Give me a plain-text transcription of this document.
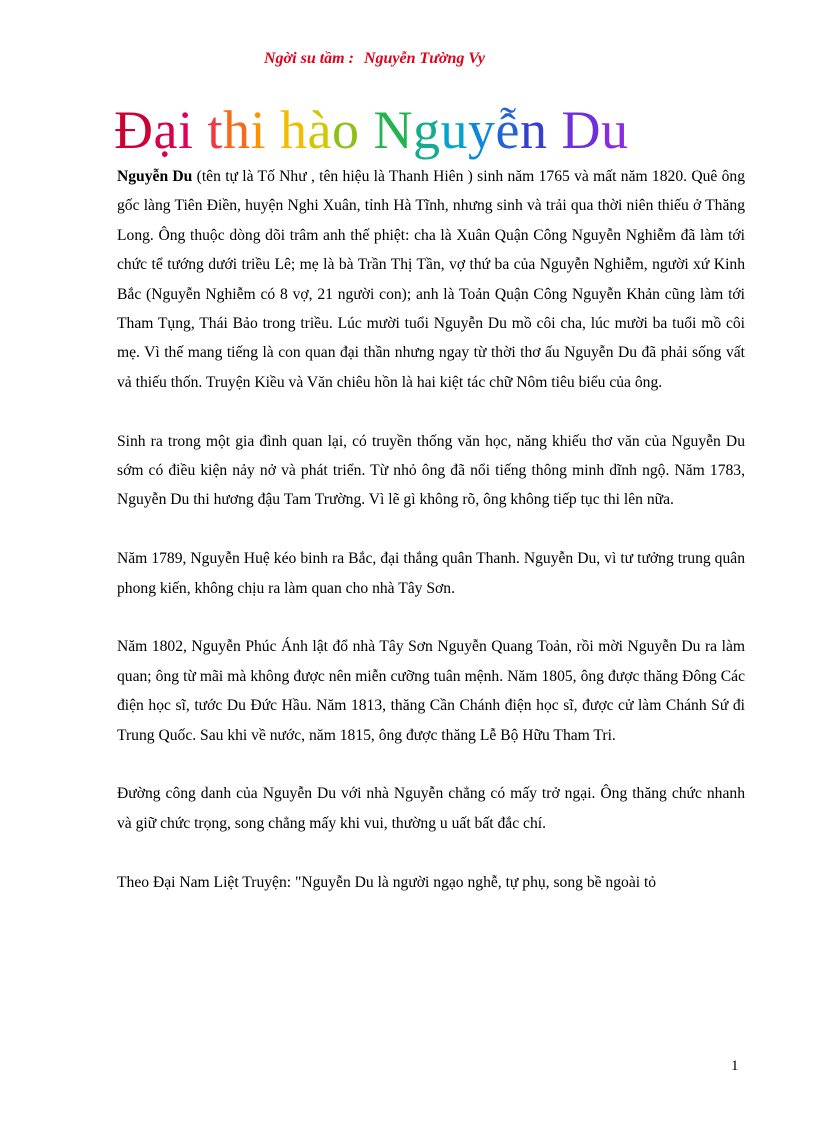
Ngời su tầm : Nguyễn Tường Vy
Đại thi hào Nguyễn Du

Nguyễn Du (tên tự là Tố Như , tên hiệu là Thanh Hiên ) sinh năm 1765 và mất năm 1820. Quê ông gốc làng Tiên Điền, huyện Nghi Xuân, tỉnh Hà Tĩnh, nhưng sinh và trải qua thời niên thiếu ở Thăng Long. Ông thuộc dòng dõi trâm anh thế phiệt: cha là Xuân Quận Công Nguyễn Nghiễm đã làm tới chức tể tướng dưới triều Lê; mẹ là bà Trần Thị Tần, vợ thứ ba của Nguyễn Nghiễm, người xứ Kinh Bắc (Nguyễn Nghiễm có 8 vợ, 21 người con); anh là Toản Quận Công Nguyễn Khản cũng làm tới Tham Tụng, Thái Bảo trong triều. Lúc mười tuổi Nguyễn Du mồ côi cha, lúc mười ba tuổi mồ côi mẹ. Vì thế mang tiếng là con quan đại thần nhưng ngay từ thời thơ ấu Nguyễn Du đã phải sống vất vả thiếu thốn. Truyện Kiều và Văn chiêu hồn là hai kiệt tác chữ Nôm tiêu biểu của ông.

Sinh ra trong một gia đình quan lại, có truyền thống văn học, năng khiếu thơ văn của Nguyễn Du sớm có điều kiện nảy nở và phát triển. Từ nhỏ ông đã nổi tiếng thông minh dĩnh ngộ. Năm 1783, Nguyễn Du thi hương đậu Tam Trường. Vì lẽ gì không rõ, ông không tiếp tục thi lên nữa.

Năm 1789, Nguyễn Huệ kéo binh ra Bắc, đại thắng quân Thanh. Nguyễn Du, vì tư tưởng trung quân phong kiến, không chịu ra làm quan cho nhà Tây Sơn.

Năm 1802, Nguyễn Phúc Ánh lật đổ nhà Tây Sơn Nguyễn Quang Toản, rồi mời Nguyễn Du ra làm quan; ông từ mãi mà không được nên miễn cưỡng tuân mệnh. Năm 1805, ông được thăng Đông Các điện học sĩ, tước Du Đức Hầu. Năm 1813, thăng Cần Chánh điện học sĩ, được cử làm Chánh Sứ đi Trung Quốc. Sau khi về nước, năm 1815, ông được thăng Lễ Bộ Hữu Tham Tri.

Đường công danh của Nguyễn Du với nhà Nguyễn chẳng có mấy trở ngại. Ông thăng chức nhanh và giữ chức trọng, song chẳng mấy khi vui, thường u uất bất đắc chí.

Theo Đại Nam Liệt Truyện: "Nguyễn Du là người ngạo nghễ, tự phụ, song bề ngoài tỏ

1
